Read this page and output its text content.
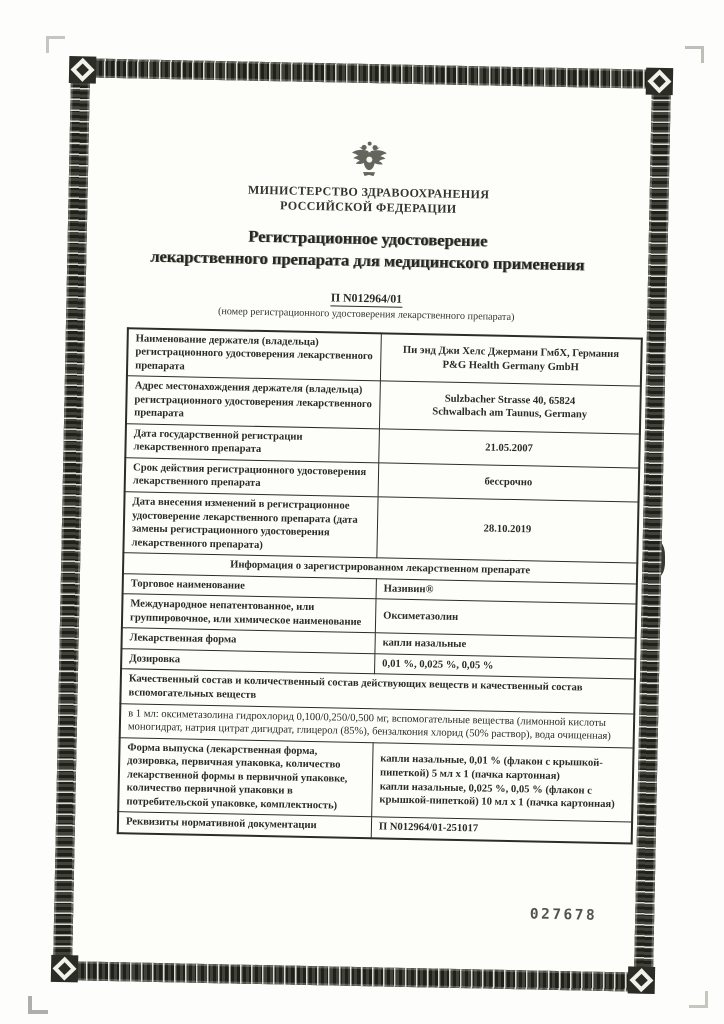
МИНИСТЕРСТВО ЗДРАВООХРАНЕНИЯ
РОССИЙСКОЙ ФЕДЕРАЦИИ
Регистрационное удостоверение
лекарственного препарата для медицинского применения
П N012964/01
(номер регистрационного удостоверения лекарственного препарата)
Наименование держателя (владельца) регистрационного удостоверения лекарственного препарата	Пи энд Джи Хелс Джермани ГмбХ, Германия
P&G Health Germany GmbH
Адрес местонахождения держателя (владельца) регистрационного удостоверения лекарственного препарата	Sulzbacher Strasse 40, 65824
Schwalbach am Taunus, Germany
Дата государственной регистрации лекарственного препарата	21.05.2007
Срок действия регистрационного удостоверения лекарственного препарата	бессрочно
Дата внесения изменений в регистрационное удостоверение лекарственного препарата (дата замены регистрационного удостоверения лекарственного препарата)	28.10.2019
Информация о зарегистрированном лекарственном препарате	
Торговое наименование	Називин®
Международное непатентованное, или группировочное, или химическое наименование	Оксиметазолин
Лекарственная форма	капли назальные
Дозировка	0,01 %, 0,025 %, 0,05 %
Качественный состав и количественный состав действующих веществ и качественный состав вспомогательных веществ	
в 1 мл: оксиметазолина гидрохлорид 0,100/0,250/0,500 мг, вспомогательные вещества (лимонной кислоты моногидрат, натрия цитрат дигидрат, глицерол (85%), бензалкония хлорид (50% раствор), вода очищенная)	
Форма выпуска (лекарственная форма, дозировка, первичная упаковка, количество лекарственной формы в первичной упаковке, количество первичной упаковки в потребительской упаковке, комплектность)	капли назальные, 0,01 % (флакон с крышкой-пипеткой) 5 мл х 1 (пачка картонная)
капли назальные, 0,025 %, 0,05 % (флакон с крышкой-пипеткой) 10 мл х 1 (пачка картонная)
Реквизиты нормативной документации	П N012964/01-251017
027678
